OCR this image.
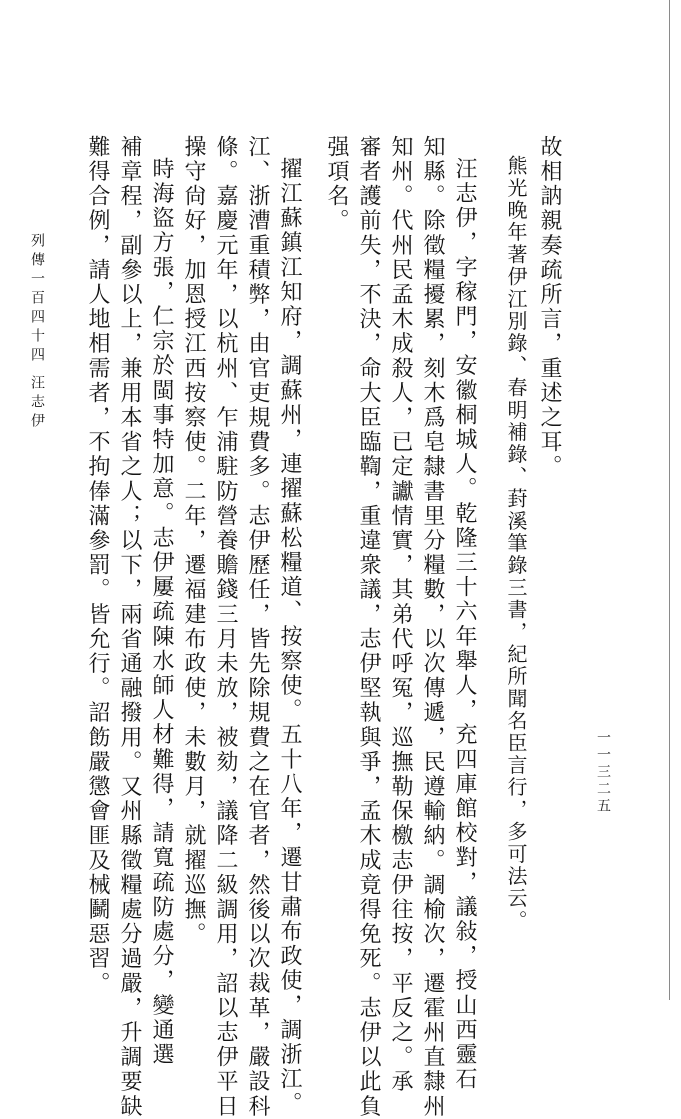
故相訥親奏疏所言，重述之耳。
熊光晚年著伊江別錄、春明補錄、葑溪筆錄三書，紀所聞名臣言行，多可法云。
汪志伊，字稼門，安徽桐城人。乾隆三十六年舉人，充四庫館校對，議敍，授山西靈石
知縣。除徵糧擾累，刻木爲皂隸書里分糧數，以次傳遞，民遵輸納。調榆次，遷霍州直隸州
知州。代州民孟木成殺人，已定讞情實，其弟代呼冤，巡撫勒保檄志伊往按，平反之。承
審者護前失，不決，命大臣臨鞫，重違衆議，志伊堅執與爭，孟木成竟得免死。志伊以此負
强項名。
擢江蘇鎮江知府，調蘇州，連擢蘇松糧道、按察使。五十八年，遷甘肅布政使，調浙江。
江、浙漕重積弊，由官吏規費多。志伊歷任，皆先除規費之在官者，然後以次裁革，嚴設科
條。嘉慶元年，以杭州、乍浦駐防營養贍錢三月未放，被劾，議降二級調用，詔以志伊平日
操守尙好，加恩授江西按察使。二年，遷福建布政使，未數月，就擢巡撫。
時海盜方張，仁宗於閩事特加意。志伊屢疏陳水師人材難得，請寬疏防處分，變通選
補章程，副參以上，兼用本省之人；以下，兩省通融撥用。又州縣徵糧處分過嚴，升調要缺
難得合例，請人地相需者，不拘俸滿參罰。皆允行。詔飭嚴懲會匪及械鬭惡習。
列傳一百四十四
汪志伊
一一三二五
